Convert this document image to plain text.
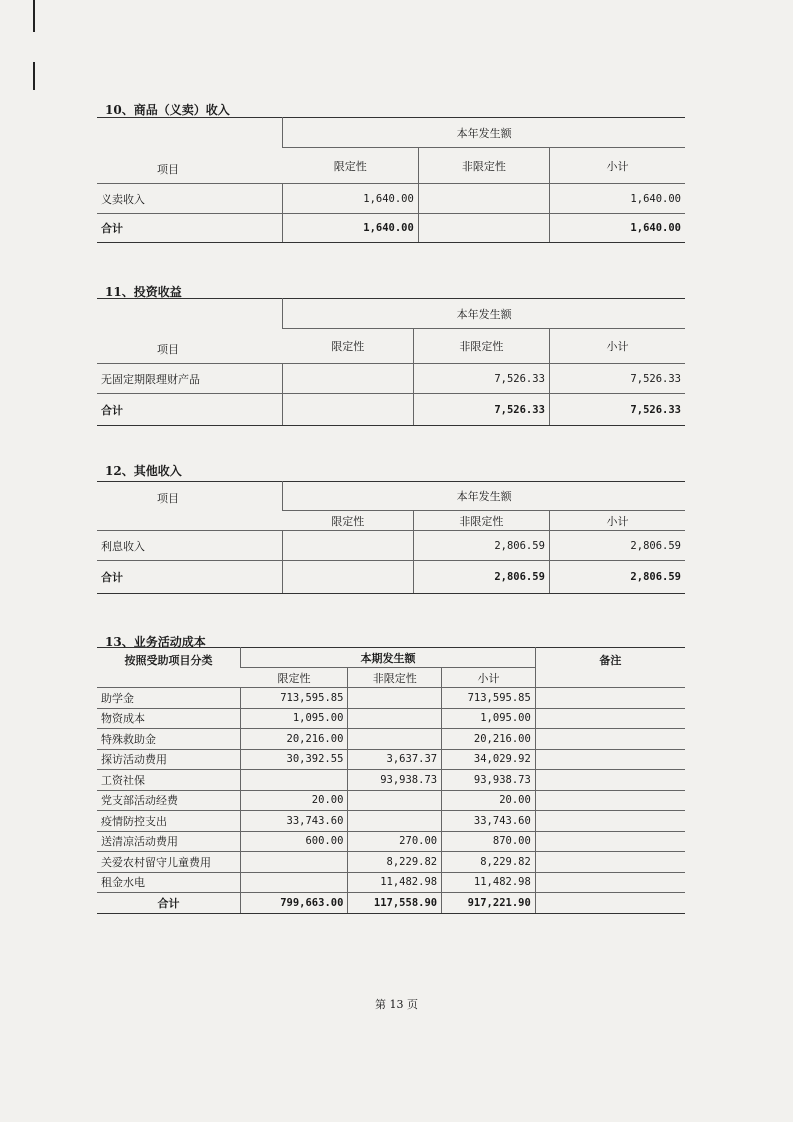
10、商品（义卖）收入
项目	本年发生额		
	限定性	非限定性	小计
义卖收入	1,640.00		1,640.00
合计	1,640.00		1,640.00
11、投资收益
项目	本年发生额		
	限定性	非限定性	小计
无固定期限理财产品		7,526.33	7,526.33
合计		7,526.33	7,526.33
12、其他收入
项目	本年发生额		
	限定性	非限定性	小计
利息收入		2,806.59	2,806.59
合计		2,806.59	2,806.59
13、业务活动成本
按照受助项目分类	本期发生额			备注
	限定性	非限定性	小计	
助学金	713,595.85		713,595.85	
物资成本	1,095.00		1,095.00	
特殊救助金	20,216.00		20,216.00	
探访活动费用	30,392.55	3,637.37	34,029.92	
工资社保		93,938.73	93,938.73	
党支部活动经费	20.00		20.00	
疫情防控支出	33,743.60		33,743.60	
送清凉活动费用	600.00	270.00	870.00	
关爱农村留守儿童费用		8,229.82	8,229.82	
租金水电		11,482.98	11,482.98	
合计	799,663.00	117,558.90	917,221.90	
第 13 页
